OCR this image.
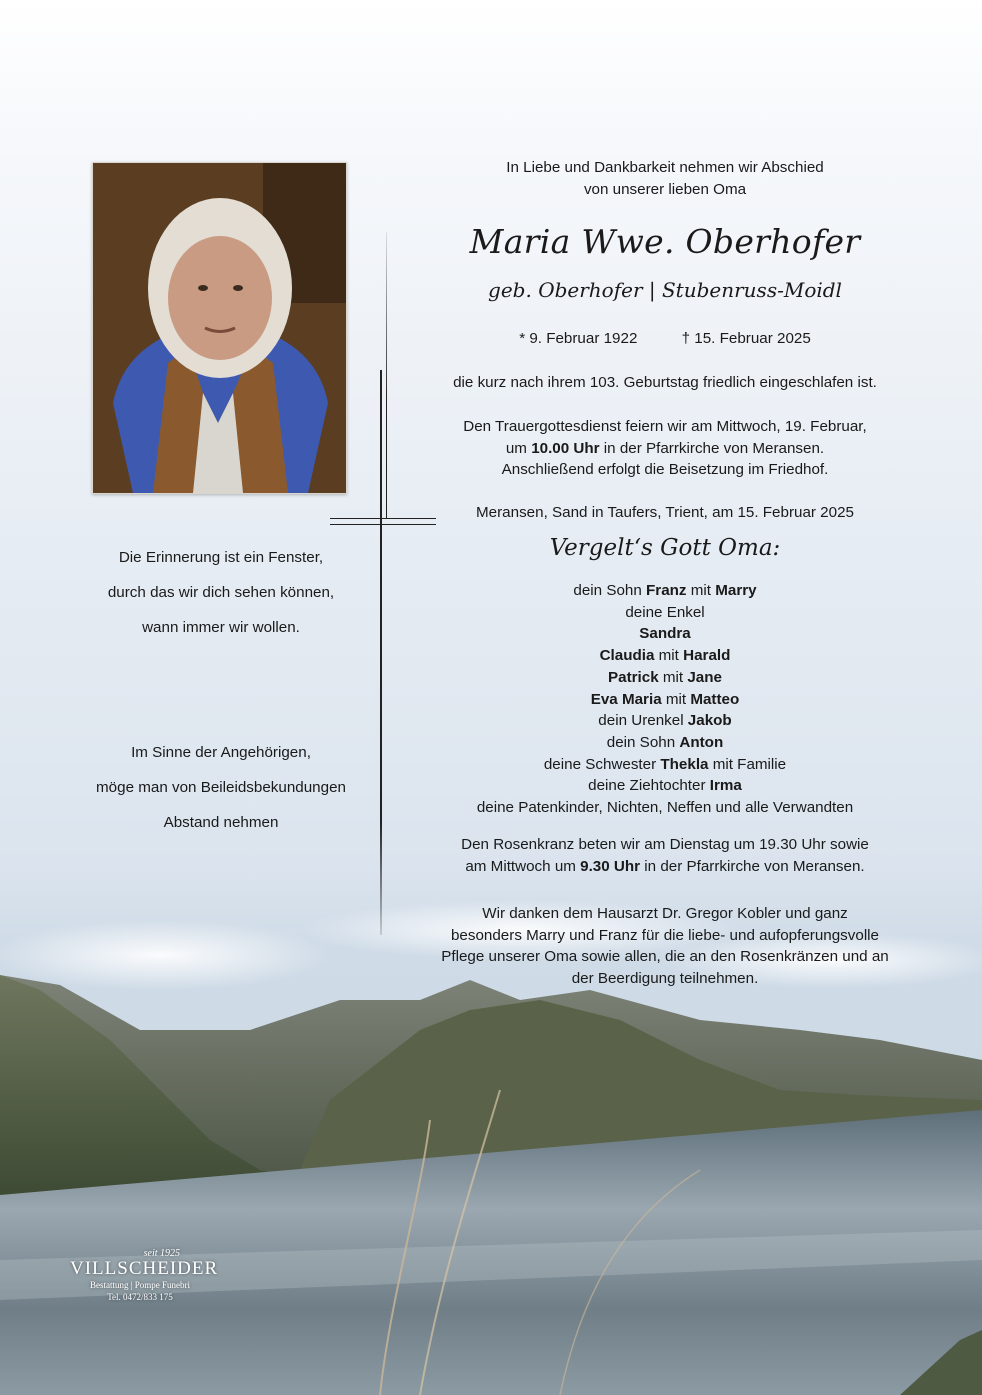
In Liebe und Dankbarkeit nehmen wir Abschied
von unserer lieben Oma
Maria Wwe. Oberhofer
geb. Oberhofer | Stubenruss-Moidl
* 9. Februar 1922	† 15. Februar 2025
die kurz nach ihrem 103. Geburtstag friedlich eingeschlafen ist.
Den Trauergottesdienst feiern wir am Mittwoch, 19. Februar,
um 10.00 Uhr in der Pfarrkirche von Meransen.
Anschließend erfolgt die Beisetzung im Friedhof.
Meransen, Sand in Taufers, Trient, am 15. Februar 2025
Vergelt‘s Gott Oma:
dein Sohn Franz mit Marry
deine Enkel
Sandra
Claudia mit Harald
Patrick mit Jane
Eva Maria mit Matteo
dein Urenkel Jakob
dein Sohn Anton
deine Schwester Thekla mit Familie
deine Ziehtochter Irma
deine Patenkinder, Nichten, Neffen und alle Verwandten
Den Rosenkranz beten wir am Dienstag um 19.30 Uhr sowie
am Mittwoch um 9.30 Uhr in der Pfarrkirche von Meransen.
Wir danken dem Hausarzt Dr. Gregor Kobler und ganz
besonders Marry und Franz für die liebe- und aufopferungsvolle
Pflege unserer Oma sowie allen, die an den Rosenkränzen und an
der Beerdigung teilnehmen.
Die Erinnerung ist ein Fenster,
durch das wir dich sehen können,
wann immer wir wollen.
Im Sinne der Angehörigen,
möge man von Beileidsbekundungen
Abstand nehmen
seit 1925
VILLSCHEIDER
Bestattung | Pompe Funebri
Tel. 0472/833 175
